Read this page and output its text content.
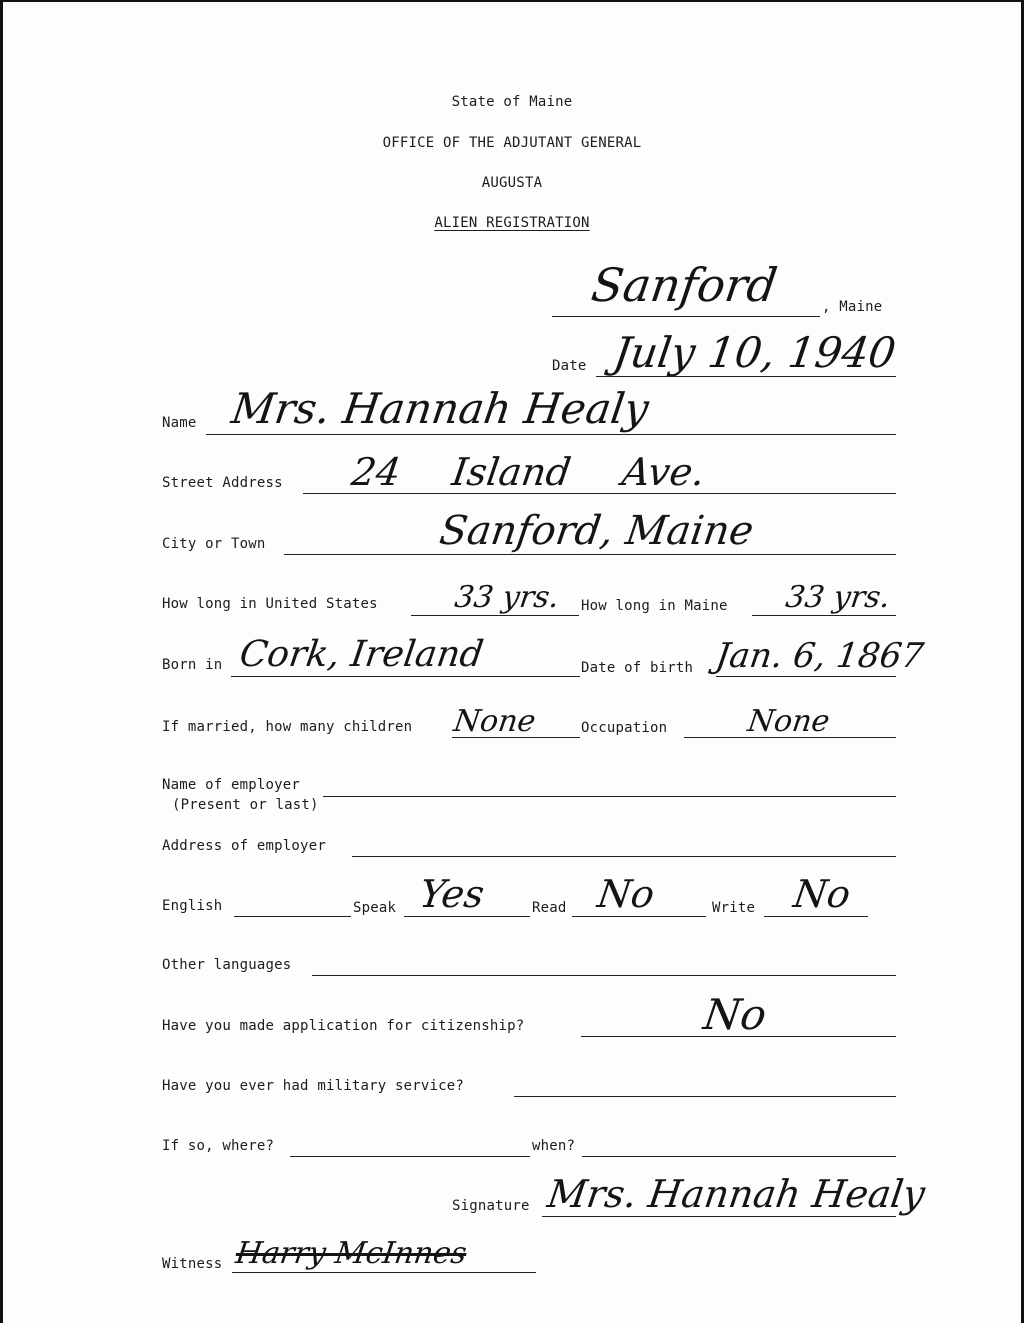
State of Maine
OFFICE OF THE ADJUTANT GENERAL
AUGUSTA
ALIEN REGISTRATION
Sanford	, Maine
Date July 10, 1940
Name Mrs. Hannah Healy
Street Address 24 Island Ave.
City or Town	Sanford, Maine
How long in United States 33 yrs. How long in Maine 33 yrs.
Born in Cork, Ireland	Date of birth Jan. 6, 1867
If married, how many children None	Occupation	None
Name of employer
(Present or last)
Address of employer
English	Speak Yes	Read No	Write No
Other languages
Have you made application for citizenship?	No
Have you ever had military service?
If so, where?	when?
Signature Mrs. Hannah Healy
Witness Harry McInnes
